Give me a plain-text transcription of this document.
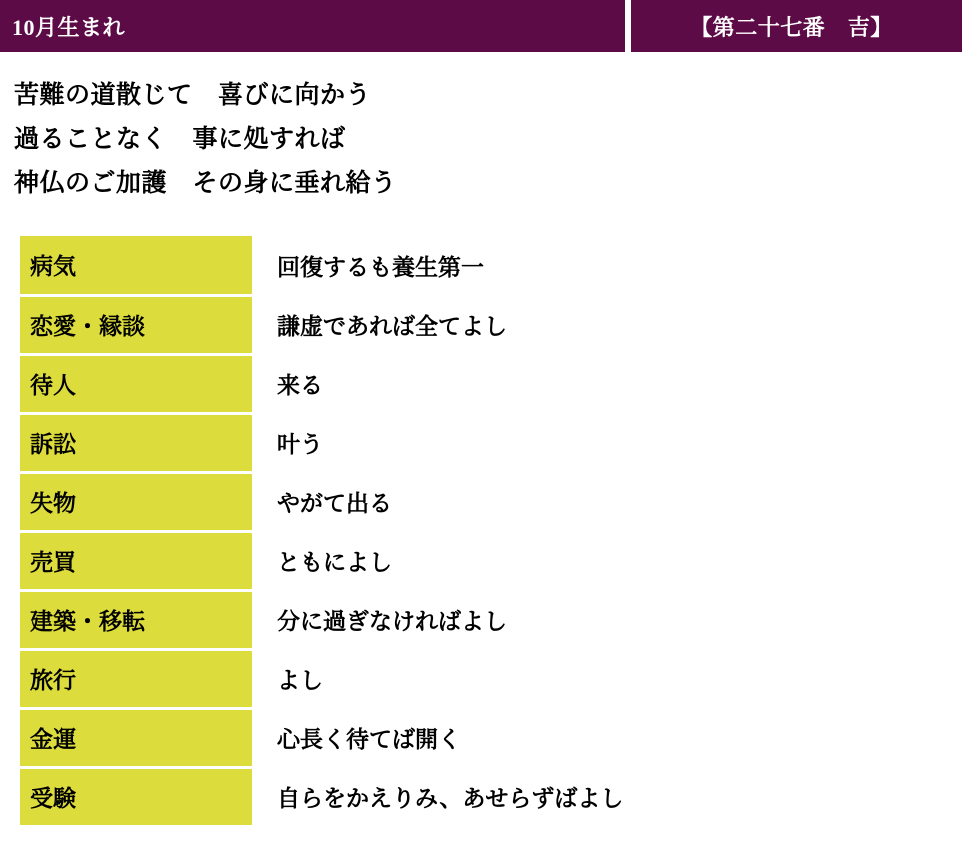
10月生まれ	【第二十七番　吉】
苦難の道散じて　喜びに向かう
過ることなく　事に処すれば
神仏のご加護　その身に垂れ給う
病気	回復するも養生第一
恋愛・縁談	謙虚であれば全てよし
待人	来る
訴訟	叶う
失物	やがて出る
売買	ともによし
建築・移転	分に過ぎなければよし
旅行	よし
金運	心長く待てば開く
受験	自らをかえりみ、あせらずばよし
